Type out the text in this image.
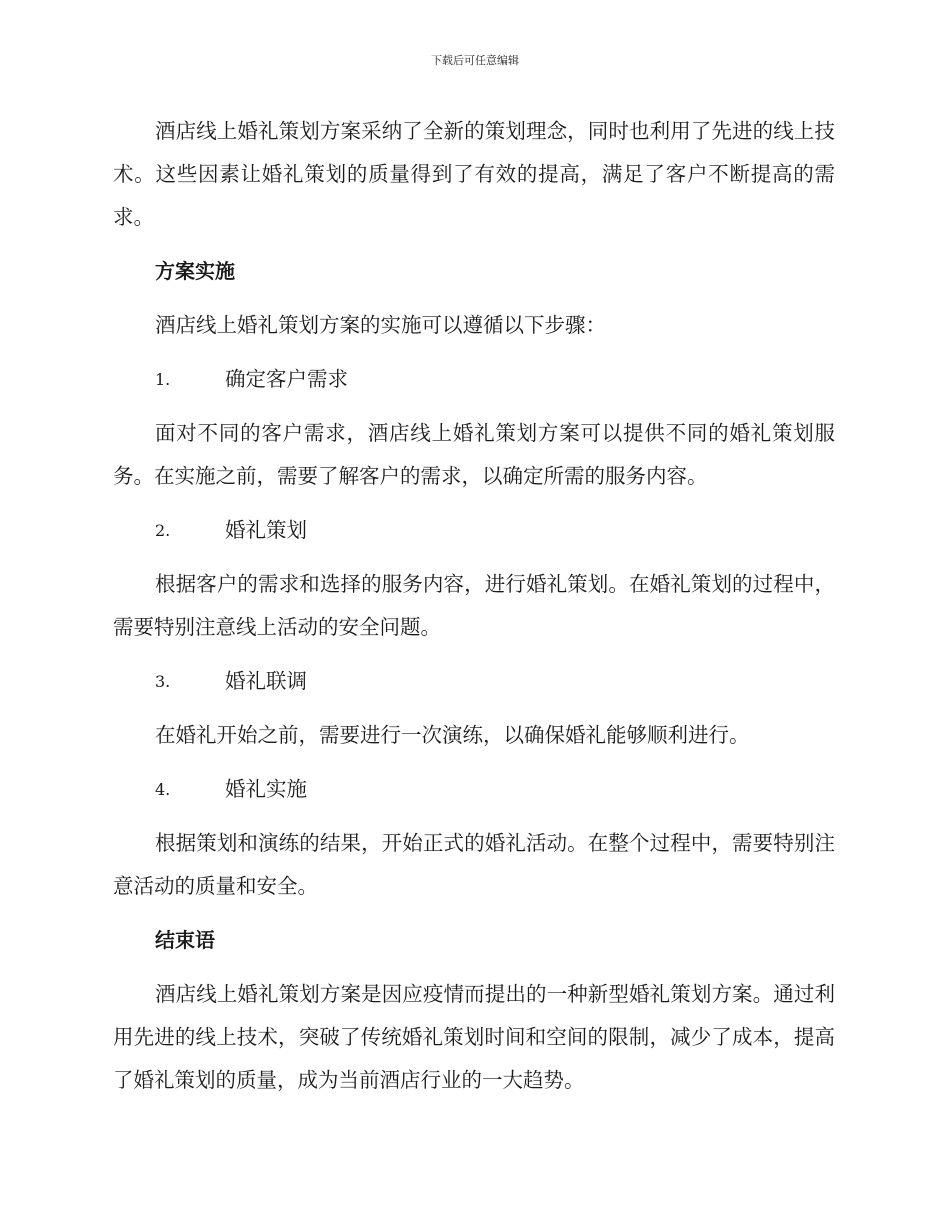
下载后可任意编辑

酒店线上婚礼策划方案采纳了全新的策划理念，同时也利用了先进的线上技术。这些因素让婚礼策划的质量得到了有效的提高，满足了客户不断提高的需求。

方案实施

酒店线上婚礼策划方案的实施可以遵循以下步骤：

1.	确定客户需求

面对不同的客户需求，酒店线上婚礼策划方案可以提供不同的婚礼策划服务。在实施之前，需要了解客户的需求，以确定所需的服务内容。

2.	婚礼策划

根据客户的需求和选择的服务内容，进行婚礼策划。在婚礼策划的过程中，需要特别注意线上活动的安全问题。

3.	婚礼联调

在婚礼开始之前，需要进行一次演练，以确保婚礼能够顺利进行。

4.	婚礼实施

根据策划和演练的结果，开始正式的婚礼活动。在整个过程中，需要特别注意活动的质量和安全。

结束语

酒店线上婚礼策划方案是因应疫情而提出的一种新型婚礼策划方案。通过利用先进的线上技术，突破了传统婚礼策划时间和空间的限制，减少了成本，提高了婚礼策划的质量，成为当前酒店行业的一大趋势。
